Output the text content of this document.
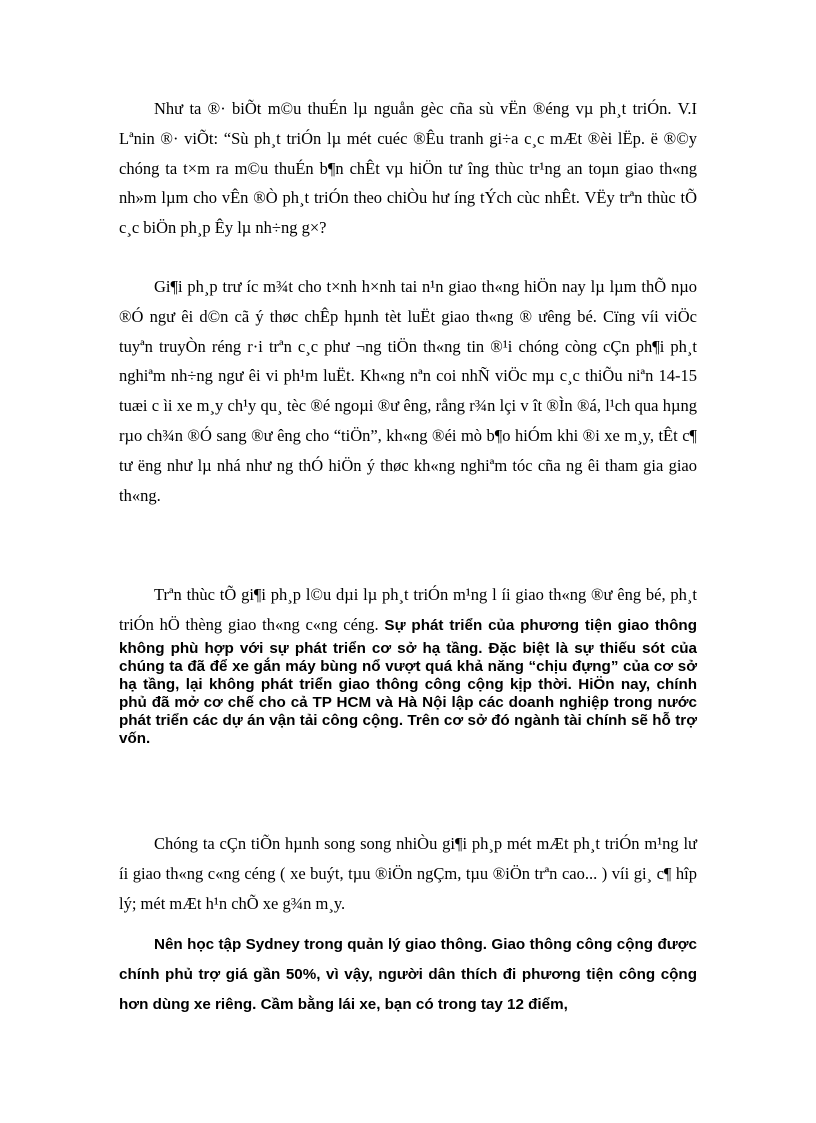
Như ta ®· biÕt m©u thuÉn lµ nguån gèc cña sù vËn ®éng vµ ph¸t triÓn. V.I Lªnin ®· viÕt: “Sù ph¸t triÓn lµ mét cuéc ®Êu tranh gi÷a c¸c mÆt ®èi lËp. ë ®©y chóng ta t×m ra m©u thuÉn b¶n chÊt vµ hiÖn tư îng thùc tr¹ng an toµn giao th«ng nh»m lµm cho vÊn ®Ò ph¸t triÓn theo chiÒu hư íng tÝch cùc nhÊt. VËy trªn thùc tÕ c¸c biÖn ph¸p Êy lµ nh÷ng g×?

Gi¶i ph¸p trư íc m¾t cho t×nh h×nh tai n¹n giao th«ng hiÖn nay lµ lµm thÕ nµo ®Ó ngư êi d©n cã ý thøc chÊp hµnh tèt luËt giao th«ng ® ưêng bé. Cïng víi viÖc tuyªn truyÒn réng r·i trªn c¸c phư ¬ng tiÖn th«ng tin ®¹i chóng còng cÇn ph¶i ph¸t nghiªm nh÷ng ngư êi vi ph¹m luËt. Kh«ng nªn coi nhÑ viÖc mµ c¸c thiÕu niªn 14-15 tuæi c ìi xe m¸y ch¹y qu¸ tèc ®é ngoµi ®ư êng, rång r¾n lçi v ît ®Ìn ®á, l¹ch qua hµng rµo ch¾n ®Ó sang ®ư êng cho “tiÖn”, kh«ng ®éi mò b¶o hiÓm khi ®i xe m¸y, tÊt c¶ tư ëng như lµ nhá như ng thÓ hiÖn ý thøc kh«ng nghiªm tóc cña ng êi tham gia giao th«ng.

Trªn thùc tÕ gi¶i ph¸p l©u dµi lµ ph¸t triÓn m¹ng l íi giao th«ng ®ư êng bé, ph¸t triÓn hÖ thèng giao th«ng c«ng céng. Sự phát triển của phương tiện giao thông không phù hợp với sự phát triển cơ sở hạ tầng. Đặc biệt là sự thiếu sót của chúng ta đã để xe gắn máy bùng nổ vượt quá khả năng “chịu đựng” của cơ sở hạ tầng, lại không phát triển giao thông công cộng kịp thời. HiÖn nay, chính phủ đã mở cơ chế cho cả TP HCM và Hà Nội lập các doanh nghiệp trong nước phát triển các dự án vận tải công cộng. Trên cơ sở đó ngành tài chính sẽ hỗ trợ vốn.

Chóng ta cÇn tiÕn hµnh song song nhiÒu gi¶i ph¸p mét mÆt ph¸t triÓn m¹ng lư íi giao th«ng c«ng céng ( xe buýt, tµu ®iÖn ngÇm, tµu ®iÖn trªn cao... ) víi gi¸ c¶ hîp lý; mét mÆt h¹n chÕ xe g¾n m¸y.

Nên học tập Sydney trong quản lý giao thông. Giao thông công cộng được chính phủ trợ giá gần 50%, vì vậy, người dân thích đi phương tiện công cộng hơn dùng xe riêng. Cầm bằng lái xe, bạn có trong tay 12 điểm,
